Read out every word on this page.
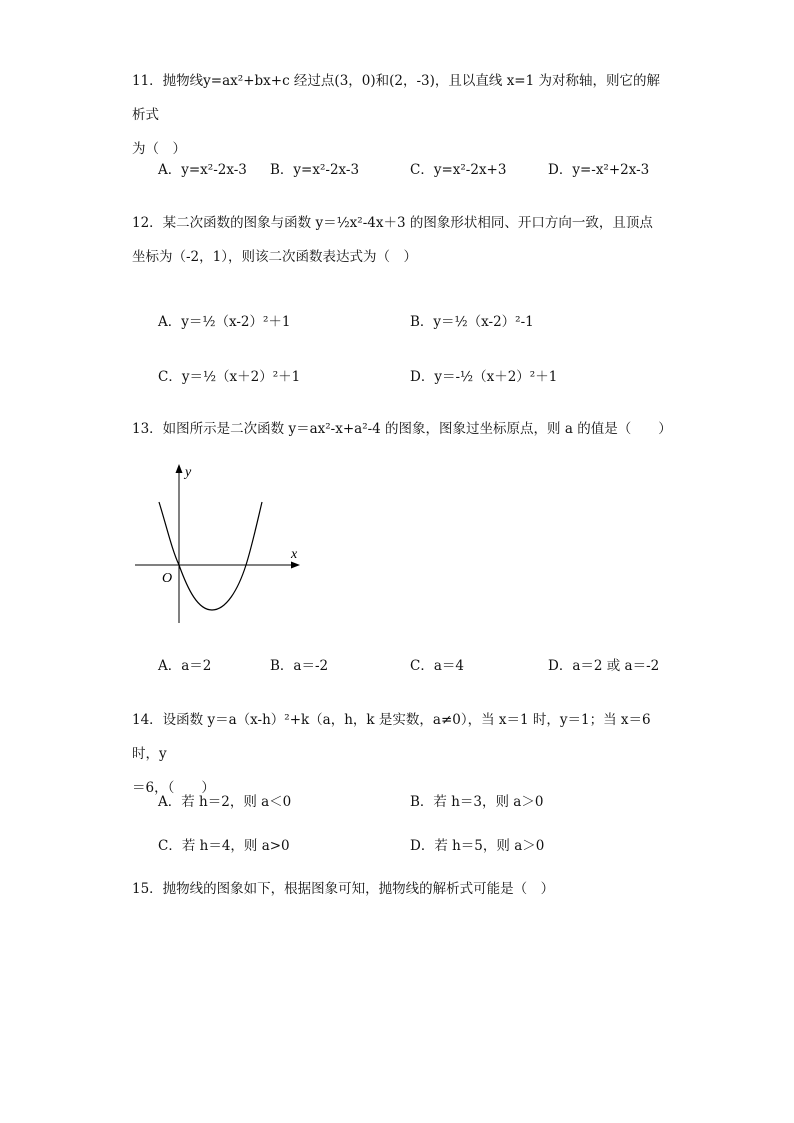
11．抛物线y=ax²+bx+c 经过点(3，0)和(2，-3)，且以直线 x=1 为对称轴，则它的解析式
为（　）
A．y=x²-2x-3 B．y=x²-2x-3	C．y=x²-2x+3	D．y=-x²+2x-3
12．某二次函数的图象与函数 y＝½x²-4x＋3 的图象形状相同、开口方向一致，且顶点
坐标为（-2，1），则该二次函数表达式为（　）
A．y＝½（x-2）²＋1	B．y＝½（x-2）²-1
C．y＝½（x＋2）²＋1	D．y＝-½（x＋2）²＋1
13．如图所示是二次函数 y＝ax²-x+a²-4 的图象，图象过坐标原点，则 a 的值是（　　）
x
y
O
A．a＝2	B．a＝-2	C．a＝4	D．a＝2 或 a＝-2
14．设函数 y＝a（x-h）²+k（a，h，k 是实数，a≠0），当 x＝1 时，y＝1；当 x＝6 时，y
＝6，（　　）
A．若 h＝2，则 a＜0	B．若 h＝3，则 a＞0
C．若 h＝4，则 a>0	D．若 h＝5，则 a＞0
15．抛物线的图象如下，根据图象可知，抛物线的解析式可能是（　）
